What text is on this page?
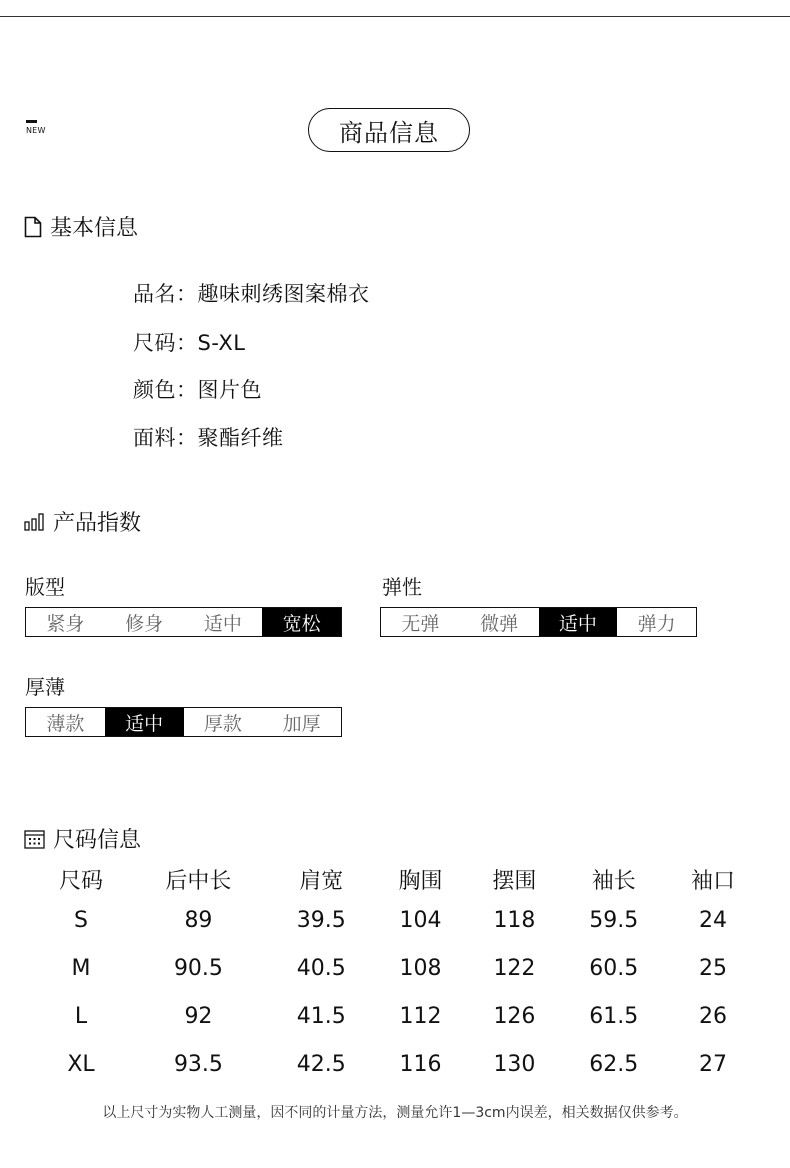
NEW	商品信息
基本信息
品名：趣味刺绣图案棉衣
尺码：S-XL
颜色：图片色
面料：聚酯纤维
产品指数
版型
紧身	修身	适中	宽松
弹性
无弹	微弹	适中	弹力
厚薄
薄款	适中	厚款	加厚
尺码信息
尺码	后中长	肩宽	胸围	摆围	袖长	袖口
S	89	39.5	104	118	59.5	24
M	90.5	40.5	108	122	60.5	25
L	92	41.5	112	126	61.5	26
XL	93.5	42.5	116	130	62.5	27
以上尺寸为实物人工测量，因不同的计量方法，测量允许1—3cm内误差，相关数据仅供参考。
